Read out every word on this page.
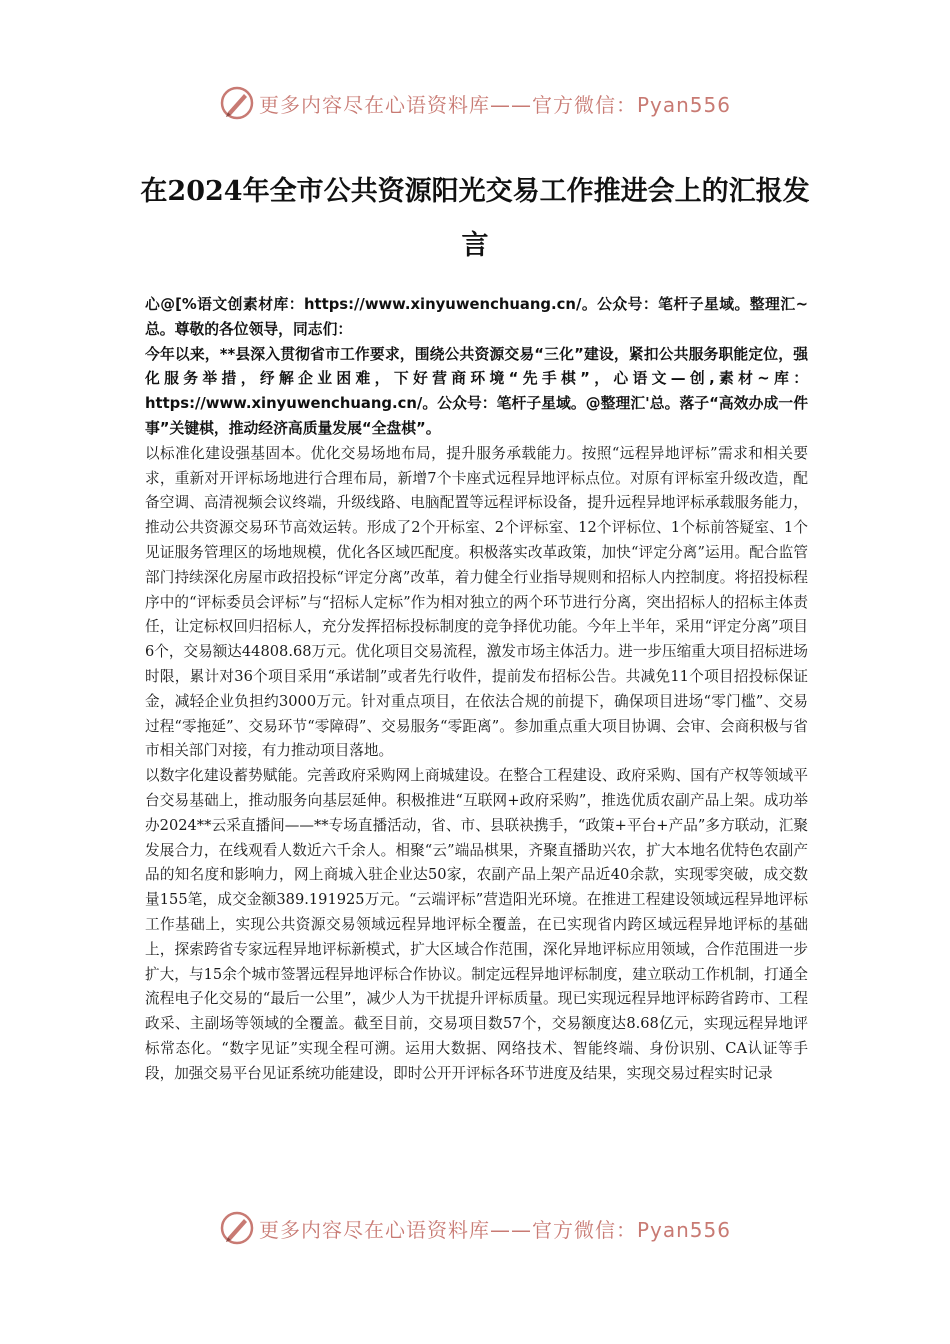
更多内容尽在心语资料库——官方微信：Pyan556
在2024年全市公共资源阳光交易工作推进会上的汇报发言

心@[%语文创素材库：https://www.xinyuwenchuang.cn/。公众号：笔杆子星域。整理汇~总。尊敬的各位领导，同志们：

今年以来，**县深入贯彻省市工作要求，围绕公共资源交易“三化”建设，紧扣公共服务职能定位，强化服务举措，纾解企业困难，下好营商环境“先手棋”，心语文—创,素材~库：https://www.xinyuwenchuang.cn/。公众号：笔杆子星域。@整理汇'总。落子“高效办成一件事”关键棋，推动经济高质量发展“全盘棋”。

以标准化建设强基固本。优化交易场地布局，提升服务承载能力。按照“远程异地评标”需求和相关要求，重新对开评标场地进行合理布局，新增7个卡座式远程异地评标点位。对原有评标室升级改造，配备空调、高清视频会议终端，升级线路、电脑配置等远程评标设备，提升远程异地评标承载服务能力，推动公共资源交易环节高效运转。形成了2个开标室、2个评标室、12个评标位、1个标前答疑室、1个见证服务管理区的场地规模，优化各区域匹配度。积极落实改革政策，加快“评定分离”运用。配合监管部门持续深化房屋市政招投标“评定分离”改革，着力健全行业指导规则和招标人内控制度。将招投标程序中的“评标委员会评标”与“招标人定标”作为相对独立的两个环节进行分离，突出招标人的招标主体责任，让定标权回归招标人，充分发挥招标投标制度的竞争择优功能。今年上半年，采用“评定分离”项目6个，交易额达44808.68万元。优化项目交易流程，激发市场主体活力。进一步压缩重大项目招标进场时限，累计对36个项目采用“承诺制”或者先行收件，提前发布招标公告。共减免11个项目招投标保证金，减轻企业负担约3000万元。针对重点项目，在依法合规的前提下，确保项目进场“零门槛”、交易过程“零拖延”、交易环节“零障碍”、交易服务“零距离”。参加重点重大项目协调、会审、会商积极与省市相关部门对接，有力推动项目落地。

以数字化建设蓄势赋能。完善政府采购网上商城建设。在整合工程建设、政府采购、国有产权等领域平台交易基础上，推动服务向基层延伸。积极推进“互联网+政府采购”，推选优质农副产品上架。成功举办2024**云采直播间——**专场直播活动，省、市、县联袂携手，“政策+平台+产品”多方联动，汇聚发展合力，在线观看人数近六千余人。相聚“云”端品棋果，齐聚直播助兴农，扩大本地名优特色农副产品的知名度和影响力，网上商城入驻企业达50家，农副产品上架产品近40余款，实现零突破，成交数量155笔，成交金额389.191925万元。“云端评标”营造阳光环境。在推进工程建设领域远程异地评标工作基础上，实现公共资源交易领域远程异地评标全覆盖，在已实现省内跨区域远程异地评标的基础上，探索跨省专家远程异地评标新模式，扩大区域合作范围，深化异地评标应用领域，合作范围进一步扩大，与15余个城市签署远程异地评标合作协议。制定远程异地评标制度，建立联动工作机制，打通全流程电子化交易的“最后一公里”，减少人为干扰提升评标质量。现已实现远程异地评标跨省跨市、工程政采、主副场等领域的全覆盖。截至目前，交易项目数57个，交易额度达8.68亿元，实现远程异地评标常态化。“数字见证”实现全程可溯。运用大数据、网络技术、智能终端、身份识别、CA认证等手段，加强交易平台见证系统功能建设，即时公开开评标各环节进度及结果，实现交易过程实时记录

更多内容尽在心语资料库——官方微信：Pyan556
